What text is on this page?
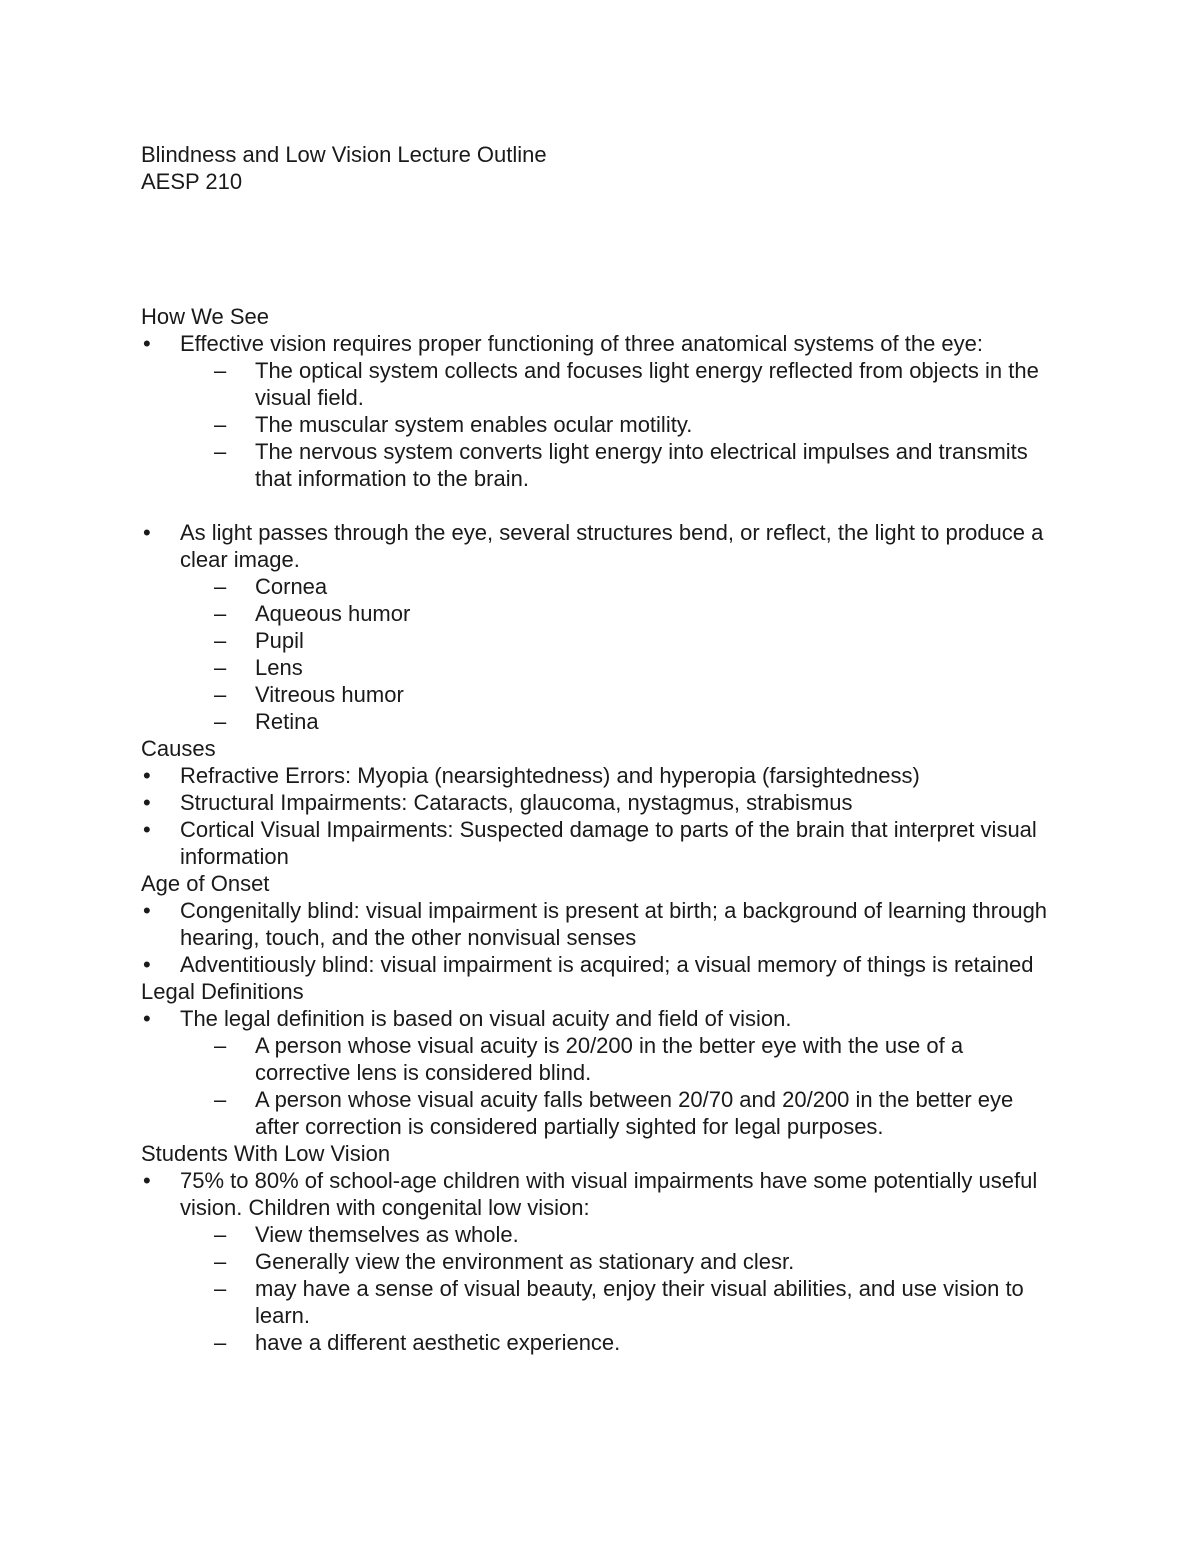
Blindness and Low Vision Lecture Outline
AESP 210
How We See
• Effective vision requires proper functioning of three anatomical systems of the eye:
– The optical system collects and focuses light energy reflected from objects in the visual field.
– The muscular system enables ocular motility.
– The nervous system converts light energy into electrical impulses and transmits that information to the brain.
• As light passes through the eye, several structures bend, or reflect, the light to produce a clear image.
– Cornea
– Aqueous humor
– Pupil
– Lens
– Vitreous humor
– Retina
Causes
• Refractive Errors: Myopia (nearsightedness) and hyperopia (farsightedness)
• Structural Impairments: Cataracts, glaucoma, nystagmus, strabismus
• Cortical Visual Impairments: Suspected damage to parts of the brain that interpret visual information
Age of Onset
• Congenitally blind: visual impairment is present at birth; a background of learning through hearing, touch, and the other nonvisual senses
• Adventitiously blind: visual impairment is acquired; a visual memory of things is retained
Legal Definitions
• The legal definition is based on visual acuity and field of vision.
– A person whose visual acuity is 20/200 in the better eye with the use of a corrective lens is considered blind.
– A person whose visual acuity falls between 20/70 and 20/200 in the better eye after correction is considered partially sighted for legal purposes.
Students With Low Vision
• 75% to 80% of school-age children with visual impairments have some potentially useful vision. Children with congenital low vision:
– View themselves as whole.
– Generally view the environment as stationary and clesr.
– may have a sense of visual beauty, enjoy their visual abilities, and use vision to learn.
– have a different aesthetic experience.
